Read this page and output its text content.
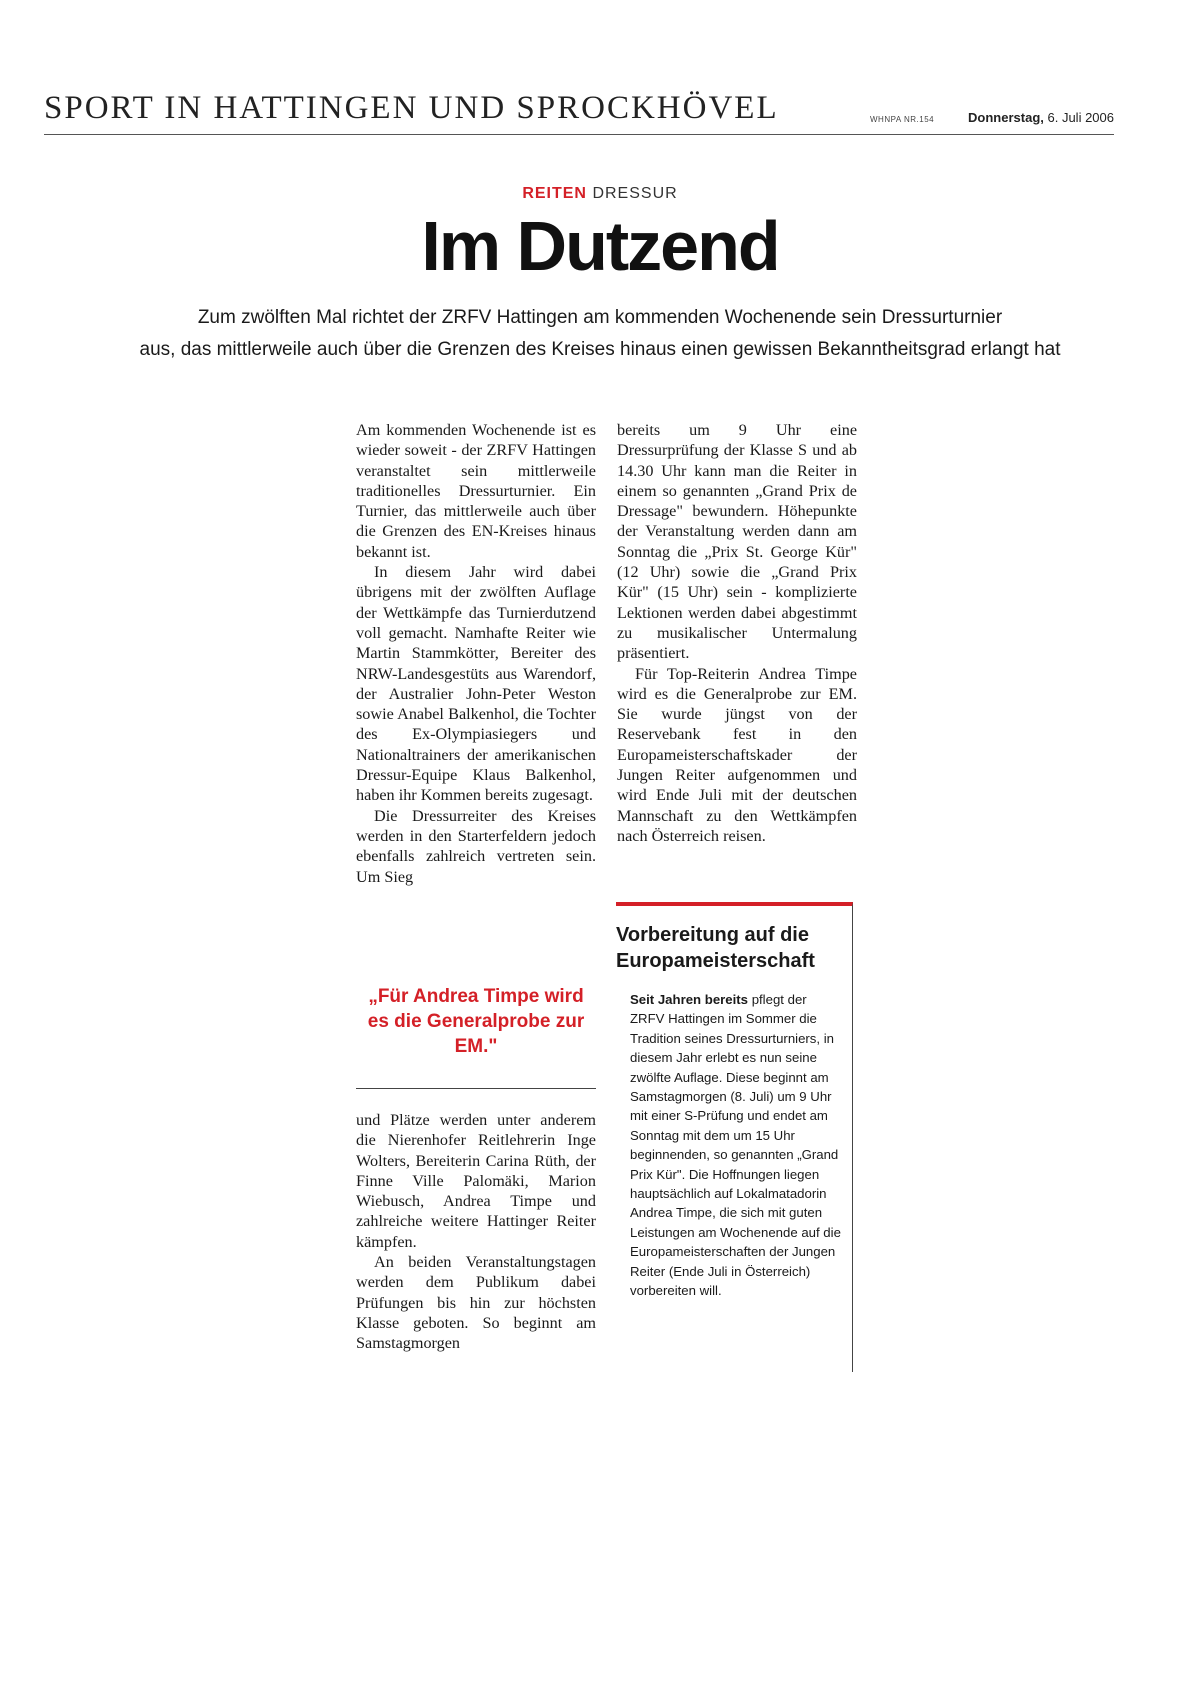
SPORT IN HATTINGEN UND SPROCKHÖVEL	WHNPA NR.154	Donnerstag, 6. Juli 2006
REITEN DRESSUR
Im Dutzend
Zum zwölften Mal richtet der ZRFV Hattingen am kommenden Wochenende sein Dressurturnier
aus, das mittlerweile auch über die Grenzen des Kreises hinaus einen gewissen Bekanntheitsgrad erlangt hat

Am kommenden Wochenende ist es wieder soweit - der ZRFV Hattingen veranstaltet sein mittlerweile traditionelles Dressurturnier. Ein Turnier, das mittlerweile auch über die Grenzen des EN-Kreises hinaus bekannt ist.

In diesem Jahr wird dabei übrigens mit der zwölften Auflage der Wettkämpfe das Turnierdutzend voll gemacht. Namhafte Reiter wie Martin Stammkötter, Bereiter des NRW-Landesgestüts aus Warendorf, der Australier John-Peter Weston sowie Anabel Balkenhol, die Tochter des Ex-Olympiasiegers und Nationaltrainers der amerikanischen Dressur-Equipe Klaus Balkenhol, haben ihr Kommen bereits zugesagt.

Die Dressurreiter des Kreises werden in den Starterfeldern jedoch ebenfalls zahlreich vertreten sein. Um Sieg

„Für Andrea Timpe wird es die Generalprobe zur EM."

und Plätze werden unter anderem die Nierenhofer Reitlehrerin Inge Wolters, Bereiterin Carina Rüth, der Finne Ville Palomäki, Marion Wiebusch, Andrea Timpe und zahlreiche weitere Hattinger Reiter kämpfen.

An beiden Veranstaltungstagen werden dem Publikum dabei Prüfungen bis hin zur höchsten Klasse geboten. So beginnt am Samstagmorgen

bereits um 9 Uhr eine Dressurprüfung der Klasse S und ab 14.30 Uhr kann man die Reiter in einem so genannten „Grand Prix de Dressage" bewundern. Höhepunkte der Veranstaltung werden dann am Sonntag die „Prix St. George Kür" (12 Uhr) sowie die „Grand Prix Kür" (15 Uhr) sein - komplizierte Lektionen werden dabei abgestimmt zu musikalischer Untermalung präsentiert.

Für Top-Reiterin Andrea Timpe wird es die Generalprobe zur EM. Sie wurde jüngst von der Reservebank fest in den Europameisterschaftskader der Jungen Reiter aufgenommen und wird Ende Juli mit der deutschen Mannschaft zu den Wettkämpfen nach Österreich reisen.

Vorbereitung auf die Europameisterschaft
Seit Jahren bereits pflegt der ZRFV Hattingen im Sommer die Tradition seines Dressurturniers, in diesem Jahr erlebt es nun seine zwölfte Auflage. Diese beginnt am Samstagmorgen (8. Juli) um 9 Uhr mit einer S-Prüfung und endet am Sonntag mit dem um 15 Uhr beginnenden, so genannten „Grand Prix Kür". Die Hoffnungen liegen hauptsächlich auf Lokalmatadorin Andrea Timpe, die sich mit guten Leistungen am Wochenende auf die Europameisterschaften der Jungen Reiter (Ende Juli in Österreich) vorbereiten will.
